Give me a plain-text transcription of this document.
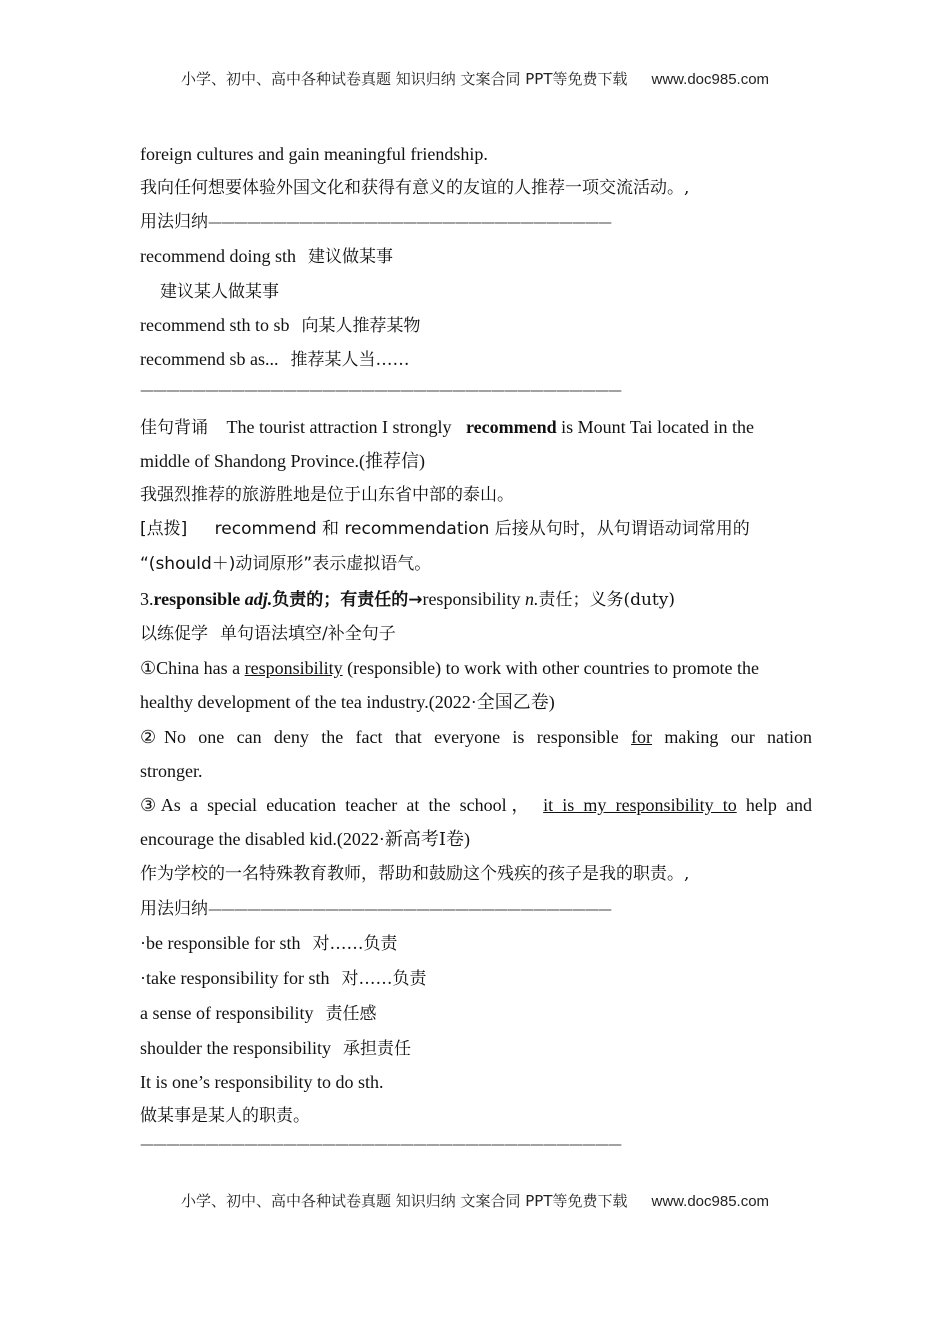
小学、初中、高中各种试卷真题 知识归纳 文案合同 PPT等免费下载 www.doc985.com
foreign cultures and gain meaningful friendship.
我向任何想要体验外国文化和获得有意义的友谊的人推荐一项交流活动。,
用法归纳———————————————————————————————
recommend doing sth 建议做某事
建议某人做某事
recommend sth to sb 向某人推荐某物
recommend sb as... 推荐某人当……
—————————————————————————————————————
佳句背诵 The tourist attraction I strongly recommend is Mount Tai located in the
middle of Shandong Province.(推荐信)
我强烈推荐的旅游胜地是位于山东省中部的泰山。
[点拨] recommend 和 recommendation 后接从句时，从句谓语动词常用的
“(should＋)动词原形”表示虚拟语气。
3.responsible adj.负责的；有责任的→responsibility n.责任；义务(duty)
以练促学 单句语法填空/补全句子
①China has a responsibility (responsible) to work with other countries to promote the
healthy development of the tea industry.(2022·全国乙卷)
②No one can deny the fact that everyone is responsible for making our nation
stronger.
③As a special education teacher at the school， it is my responsibility to help and
encourage the disabled kid.(2022·新高考Ⅰ卷)
作为学校的一名特殊教育教师，帮助和鼓励这个残疾的孩子是我的职责。,
用法归纳———————————————————————————————
·be responsible for sth 对……负责
·take responsibility for sth 对……负责
a sense of responsibility 责任感
shoulder the responsibility 承担责任
It is one’s responsibility to do sth.
做某事是某人的职责。
—————————————————————————————————————
小学、初中、高中各种试卷真题 知识归纳 文案合同 PPT等免费下载 www.doc985.com
